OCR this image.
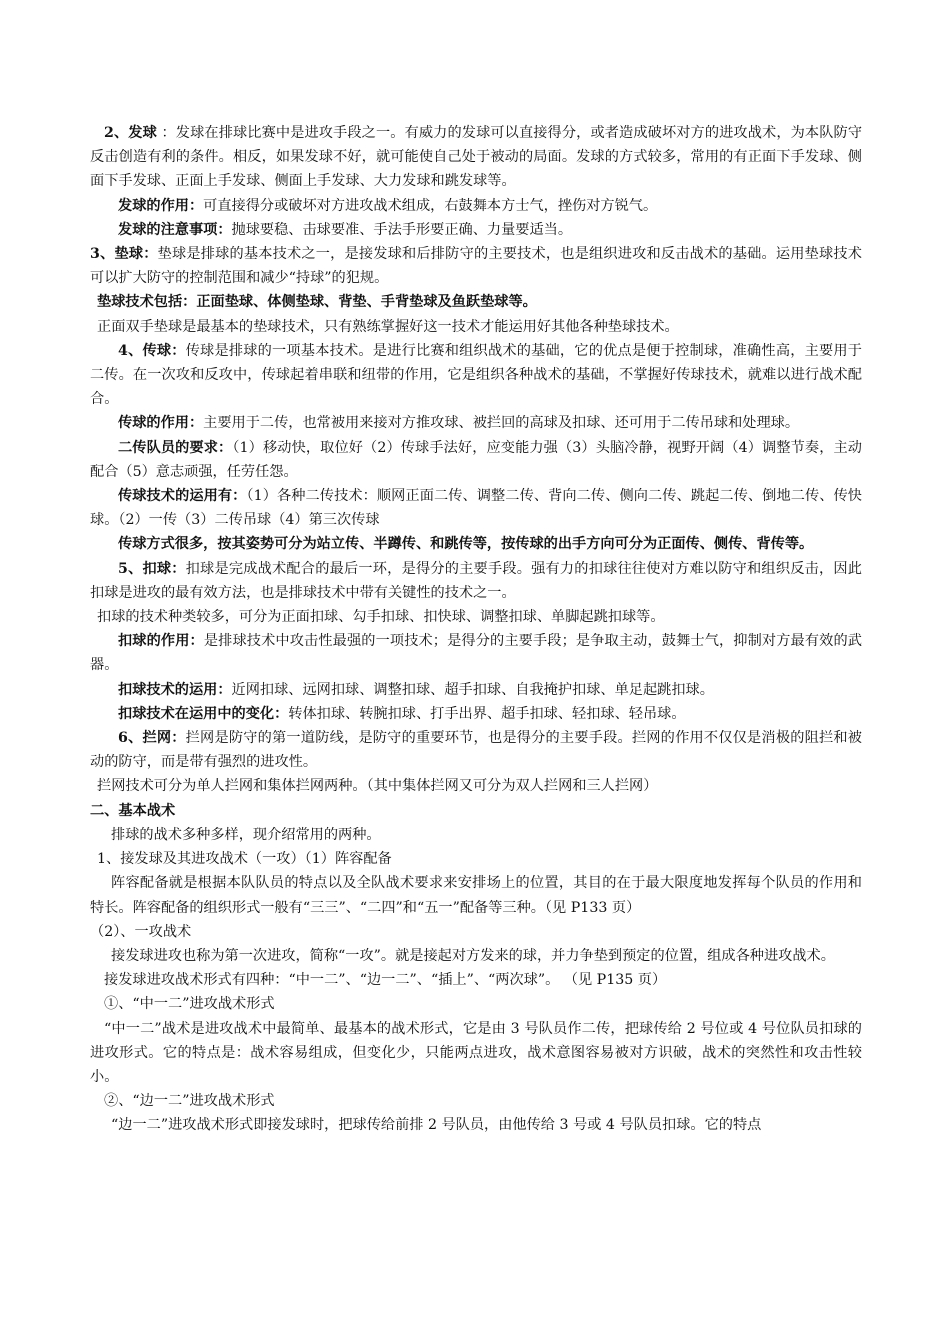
2、发球 ：发球在排球比赛中是进攻手段之一。有威力的发球可以直接得分，或者造成破坏对方的进攻战术，为本队防守反击创造有利的条件。相反，如果发球不好，就可能使自己处于被动的局面。发球的方式较多，常用的有正面下手发球、侧面下手发球、正面上手发球、侧面上手发球、大力发球和跳发球等。

发球的作用：可直接得分或破坏对方进攻战术组成，右鼓舞本方士气，挫伤对方锐气。

发球的注意事项：抛球要稳、击球要准、手法手形要正确、力量要适当。

3、垫球：垫球是排球的基本技术之一，是接发球和后排防守的主要技术，也是组织进攻和反击战术的基础。运用垫球技术可以扩大防守的控制范围和减少“持球”的犯规。

垫球技术包括：正面垫球、体侧垫球、背垫、手背垫球及鱼跃垫球等。

正面双手垫球是最基本的垫球技术，只有熟练掌握好这一技术才能运用好其他各种垫球技术。

4、传球：传球是排球的一项基本技术。是进行比赛和组织战术的基础，它的优点是便于控制球，准确性高，主要用于二传。在一次攻和反攻中，传球起着串联和纽带的作用，它是组织各种战术的基础，不掌握好传球技术，就难以进行战术配合。

传球的作用：主要用于二传，也常被用来接对方推攻球、被拦回的高球及扣球、还可用于二传吊球和处理球。

二传队员的要求：（1）移动快，取位好（2）传球手法好，应变能力强（3）头脑冷静，视野开阔（4）调整节奏，主动配合（5）意志顽强，任劳任怨。

传球技术的运用有：（1）各种二传技术：顺网正面二传、调整二传、背向二传、侧向二传、跳起二传、倒地二传、传快球。（2）一传（3）二传吊球（4）第三次传球

传球方式很多，按其姿势可分为站立传、半蹲传、和跳传等，按传球的出手方向可分为正面传、侧传、背传等。

5、扣球：扣球是完成战术配合的最后一环，是得分的主要手段。强有力的扣球往往使对方难以防守和组织反击，因此扣球是进攻的最有效方法，也是排球技术中带有关键性的技术之一。

扣球的技术种类较多，可分为正面扣球、勾手扣球、扣快球、调整扣球、单脚起跳扣球等。

扣球的作用：是排球技术中攻击性最强的一项技术；是得分的主要手段；是争取主动，鼓舞士气，抑制对方最有效的武器。

扣球技术的运用：近网扣球、远网扣球、调整扣球、超手扣球、自我掩护扣球、单足起跳扣球。

扣球技术在运用中的变化：转体扣球、转腕扣球、打手出界、超手扣球、轻扣球、轻吊球。

6、拦网：拦网是防守的第一道防线，是防守的重要环节，也是得分的主要手段。拦网的作用不仅仅是消极的阻拦和被动的防守，而是带有强烈的进攻性。

拦网技术可分为单人拦网和集体拦网两种。（其中集体拦网又可分为双人拦网和三人拦网）

二、基本战术

排球的战术多种多样，现介绍常用的两种。

1、接发球及其进攻战术（一攻）（1）阵容配备

阵容配备就是根据本队队员的特点以及全队战术要求来安排场上的位置，其目的在于最大限度地发挥每个队员的作用和特长。阵容配备的组织形式一般有“三三”、“二四”和“五一”配备等三种。（见 P133 页）

（2）、一攻战术

接发球进攻也称为第一次进攻，简称“一攻”。就是接起对方发来的球，并力争垫到预定的位置，组成各种进攻战术。

接发球进攻战术形式有四种：“中一二”、“边一二”、“插上”、“两次球”。 （见 P135 页）

①、“中一二”进攻战术形式

“中一二”战术是进攻战术中最简单、最基本的战术形式，它是由 3 号队员作二传，把球传给 2 号位或 4 号位队员扣球的进攻形式。它的特点是：战术容易组成，但变化少，只能两点进攻，战术意图容易被对方识破，战术的突然性和攻击性较小。

②、“边一二”进攻战术形式

“边一二”进攻战术形式即接发球时，把球传给前排 2 号队员，由他传给 3 号或 4 号队员扣球。它的特点
